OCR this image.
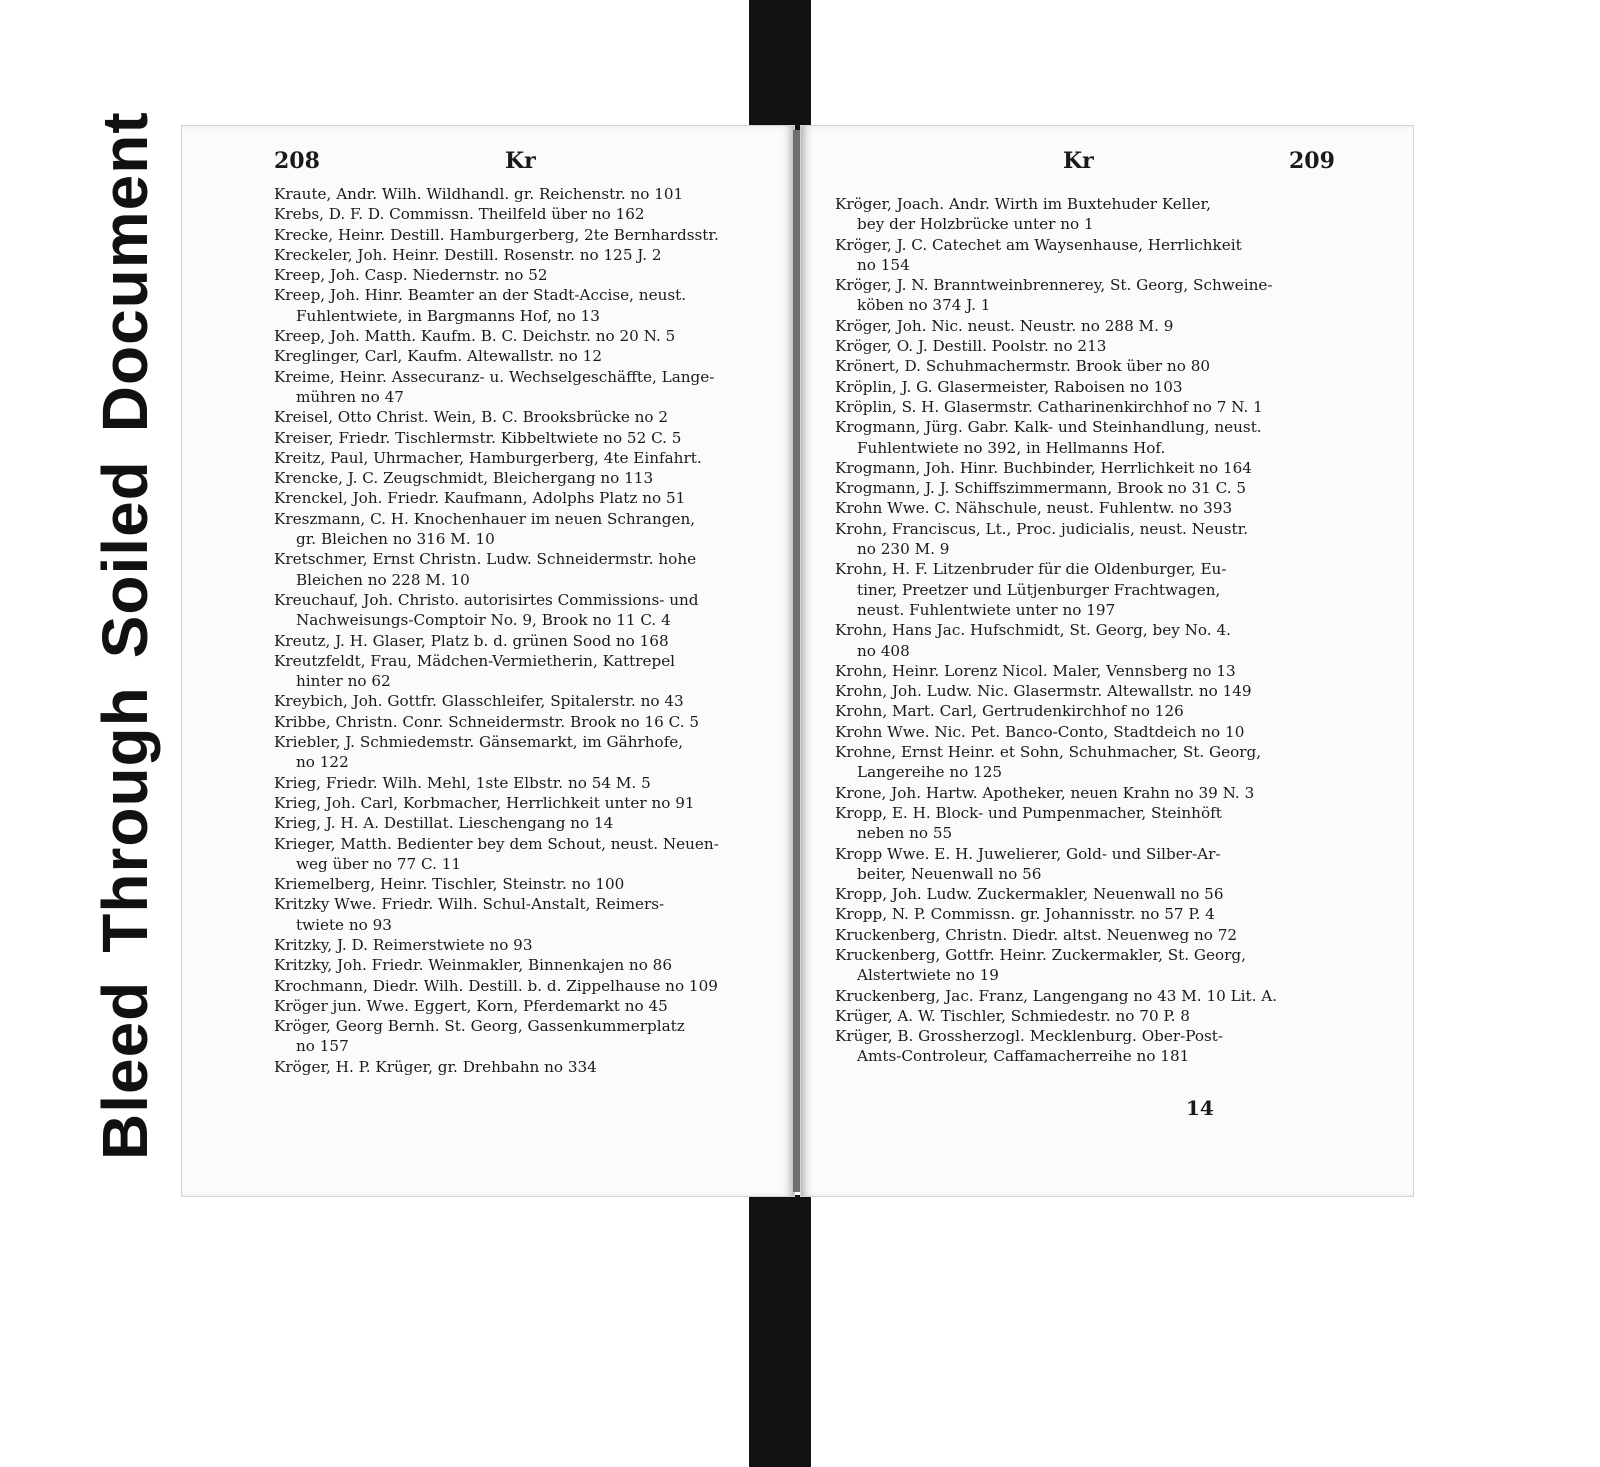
BleedThroughSoiledDocument	208	Kr
Kraute, Andr. Wilh. Wildhandl. gr. Reichenstr. no 101
Krebs, D. F. D. Commissn. Theilfeld über no 162
Krecke, Heinr. Destill. Hamburgerberg, 2te Bernhardsstr.
Kreckeler, Joh. Heinr. Destill. Rosenstr. no 125 J. 2
Kreep, Joh. Casp. Niedernstr. no 52
Kreep, Joh. Hinr. Beamter an der Stadt-Accise, neust.
Fuhlentwiete, in Bargmanns Hof, no 13
Kreep, Joh. Matth. Kaufm. B. C. Deichstr. no 20 N. 5
Kreglinger, Carl, Kaufm. Altewallstr. no 12
Kreime, Heinr. Assecuranz- u. Wechselgeschäffte, Lange-
mühren no 47
Kreisel, Otto Christ. Wein, B. C. Brooksbrücke no 2
Kreiser, Friedr. Tischlermstr. Kibbeltwiete no 52 C. 5
Kreitz, Paul, Uhrmacher, Hamburgerberg, 4te Einfahrt.
Krencke, J. C. Zeugschmidt, Bleichergang no 113
Krenckel, Joh. Friedr. Kaufmann, Adolphs Platz no 51
Kreszmann, C. H. Knochenhauer im neuen Schrangen,
gr. Bleichen no 316 M. 10
Kretschmer, Ernst Christn. Ludw. Schneidermstr. hohe
Bleichen no 228 M. 10
Kreuchauf, Joh. Christo. autorisirtes Commissions- und
Nachweisungs-Comptoir No. 9, Brook no 11 C. 4
Kreutz, J. H. Glaser, Platz b. d. grünen Sood no 168
Kreutzfeldt, Frau, Mädchen-Vermietherin, Kattrepel
hinter no 62
Kreybich, Joh. Gottfr. Glasschleifer, Spitalerstr. no 43
Kribbe, Christn. Conr. Schneidermstr. Brook no 16 C. 5
Kriebler, J. Schmiedemstr. Gänsemarkt, im Gährhofe,
no 122
Krieg, Friedr. Wilh. Mehl, 1ste Elbstr. no 54 M. 5
Krieg, Joh. Carl, Korbmacher, Herrlichkeit unter no 91
Krieg, J. H. A. Destillat. Lieschengang no 14
Krieger, Matth. Bedienter bey dem Schout, neust. Neuen-
weg über no 77 C. 11
Kriemelberg, Heinr. Tischler, Steinstr. no 100
Kritzky Wwe. Friedr. Wilh. Schul-Anstalt, Reimers-
twiete no 93
Kritzky, J. D. Reimerstwiete no 93
Kritzky, Joh. Friedr. Weinmakler, Binnenkajen no 86
Krochmann, Diedr. Wilh. Destill. b. d. Zippelhause no 109
Kröger jun. Wwe. Eggert, Korn, Pferdemarkt no 45
Kröger, Georg Bernh. St. Georg, Gassenkummerplatz
no 157
Kröger, H. P. Krüger, gr. Drehbahn no 334
Kr	209
Kröger, Joach. Andr. Wirth im Buxtehuder Keller,
bey der Holzbrücke unter no 1
Kröger, J. C. Catechet am Waysenhause, Herrlichkeit
no 154
Kröger, J. N. Branntweinbrennerey, St. Georg, Schweine-
köben no 374 J. 1
Kröger, Joh. Nic. neust. Neustr. no 288 M. 9
Kröger, O. J. Destill. Poolstr. no 213
Krönert, D. Schuhmachermstr. Brook über no 80
Kröplin, J. G. Glasermeister, Raboisen no 103
Kröplin, S. H. Glasermstr. Catharinenkirchhof no 7 N. 1
Krogmann, Jürg. Gabr. Kalk- und Steinhandlung, neust.
Fuhlentwiete no 392, in Hellmanns Hof.
Krogmann, Joh. Hinr. Buchbinder, Herrlichkeit no 164
Krogmann, J. J. Schiffszimmermann, Brook no 31 C. 5
Krohn Wwe. C. Nähschule, neust. Fuhlentw. no 393
Krohn, Franciscus, Lt., Proc. judicialis, neust. Neustr.
no 230 M. 9
Krohn, H. F. Litzenbruder für die Oldenburger, Eu-
tiner, Preetzer und Lütjenburger Frachtwagen,
neust. Fuhlentwiete unter no 197
Krohn, Hans Jac. Hufschmidt, St. Georg, bey No. 4.
no 408
Krohn, Heinr. Lorenz Nicol. Maler, Vennsberg no 13
Krohn, Joh. Ludw. Nic. Glasermstr. Altewallstr. no 149
Krohn, Mart. Carl, Gertrudenkirchhof no 126
Krohn Wwe. Nic. Pet. Banco-Conto, Stadtdeich no 10
Krohne, Ernst Heinr. et Sohn, Schuhmacher, St. Georg,
Langereihe no 125
Krone, Joh. Hartw. Apotheker, neuen Krahn no 39 N. 3
Kropp, E. H. Block- und Pumpenmacher, Steinhöft
neben no 55
Kropp Wwe. E. H. Juwelierer, Gold- und Silber-Ar-
beiter, Neuenwall no 56
Kropp, Joh. Ludw. Zuckermakler, Neuenwall no 56
Kropp, N. P. Commissn. gr. Johannisstr. no 57 P. 4
Kruckenberg, Christn. Diedr. altst. Neuenweg no 72
Kruckenberg, Gottfr. Heinr. Zuckermakler, St. Georg,
Alstertwiete no 19
Kruckenberg, Jac. Franz, Langengang no 43 M. 10 Lit. A.
Krüger, A. W. Tischler, Schmiedestr. no 70 P. 8
Krüger, B. Grossherzogl. Mecklenburg. Ober-Post-
Amts-Controleur, Caffamacherreihe no 181
14
